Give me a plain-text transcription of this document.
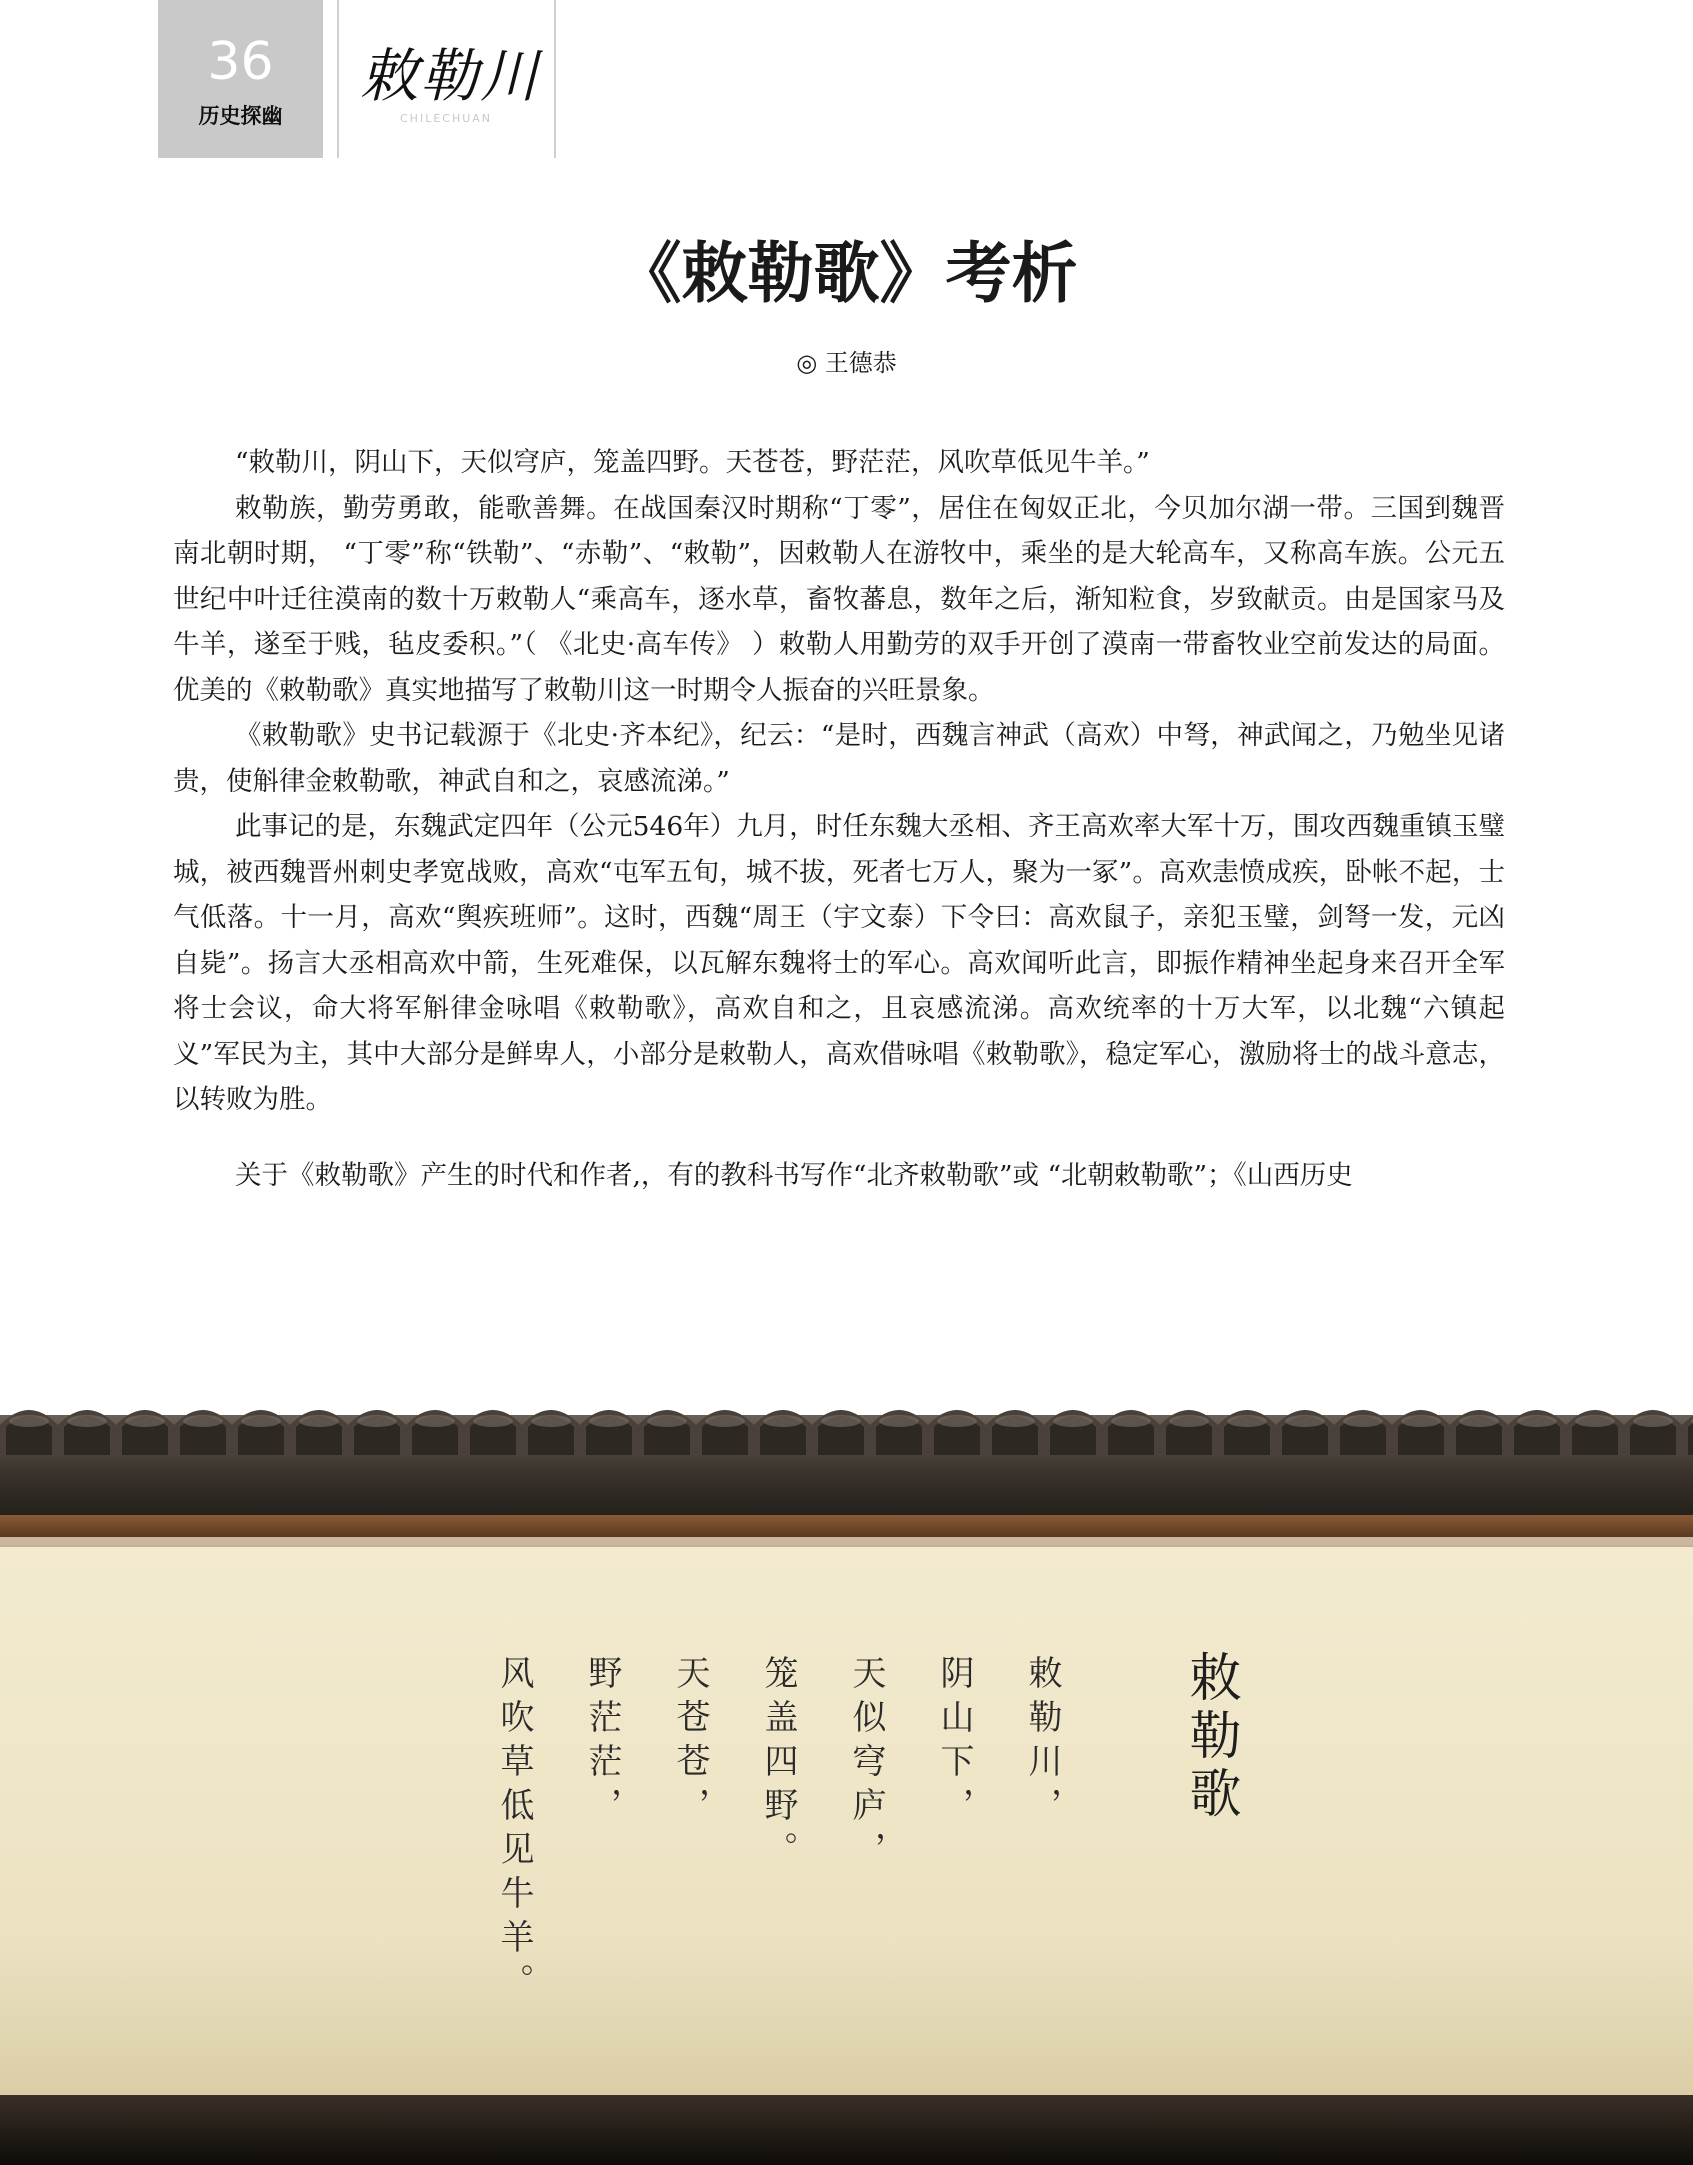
36
历史探幽
敕勒川
CHILECHUAN
《敕勒歌》考析
◎ 王德恭

“敕勒川，阴山下，天似穹庐，笼盖四野。天苍苍，野茫茫，风吹草低见牛羊。”

敕勒族，勤劳勇敢，能歌善舞。在战国秦汉时期称“丁零”，居住在匈奴正北，今贝加尔湖一带。三国到魏晋南北朝时期， “丁零”称“铁勒”、“赤勒”、“敕勒”，因敕勒人在游牧中，乘坐的是大轮高车，又称高车族。公元五世纪中叶迁往漠南的数十万敕勒人“乘高车，逐水草，畜牧蕃息，数年之后，渐知粒食，岁致献贡。由是国家马及牛羊，遂至于贱，毡皮委积。”（ 《北史·高车传》 ）敕勒人用勤劳的双手开创了漠南一带畜牧业空前发达的局面。优美的《敕勒歌》真实地描写了敕勒川这一时期令人振奋的兴旺景象。

《敕勒歌》史书记载源于《北史·齐本纪》，纪云：“是时，西魏言神武（高欢）中弩，神武闻之，乃勉坐见诸贵，使斛律金敕勒歌，神武自和之，哀感流涕。”

此事记的是，东魏武定四年（公元546年）九月，时任东魏大丞相、齐王高欢率大军十万，围攻西魏重镇玉璧城，被西魏晋州刺史孝宽战败，高欢“屯军五旬，城不拔，死者七万人，聚为一冢”。高欢恚愤成疾，卧帐不起，士气低落。十一月，高欢“舆疾班师”。这时，西魏“周王（宇文泰）下令曰：高欢鼠子，亲犯玉璧，剑弩一发，元凶自毙”。扬言大丞相高欢中箭，生死难保，以瓦解东魏将士的军心。高欢闻听此言，即振作精神坐起身来召开全军将士会议，命大将军斛律金咏唱《敕勒歌》，高欢自和之，且哀感流涕。高欢统率的十万大军，以北魏“六镇起义”军民为主，其中大部分是鲜卑人，小部分是敕勒人，高欢借咏唱《敕勒歌》，稳定军心，激励将士的战斗意志，以转败为胜。

关于《敕勒歌》产生的时代和作者,，有的教科书写作“北齐敕勒歌”或 “北朝敕勒歌”；《山西历史

敕勒歌
敕勒川，
阴山下，
天似穹庐，
笼盖四野。
天苍苍，
野茫茫，
风吹草低见牛羊。
